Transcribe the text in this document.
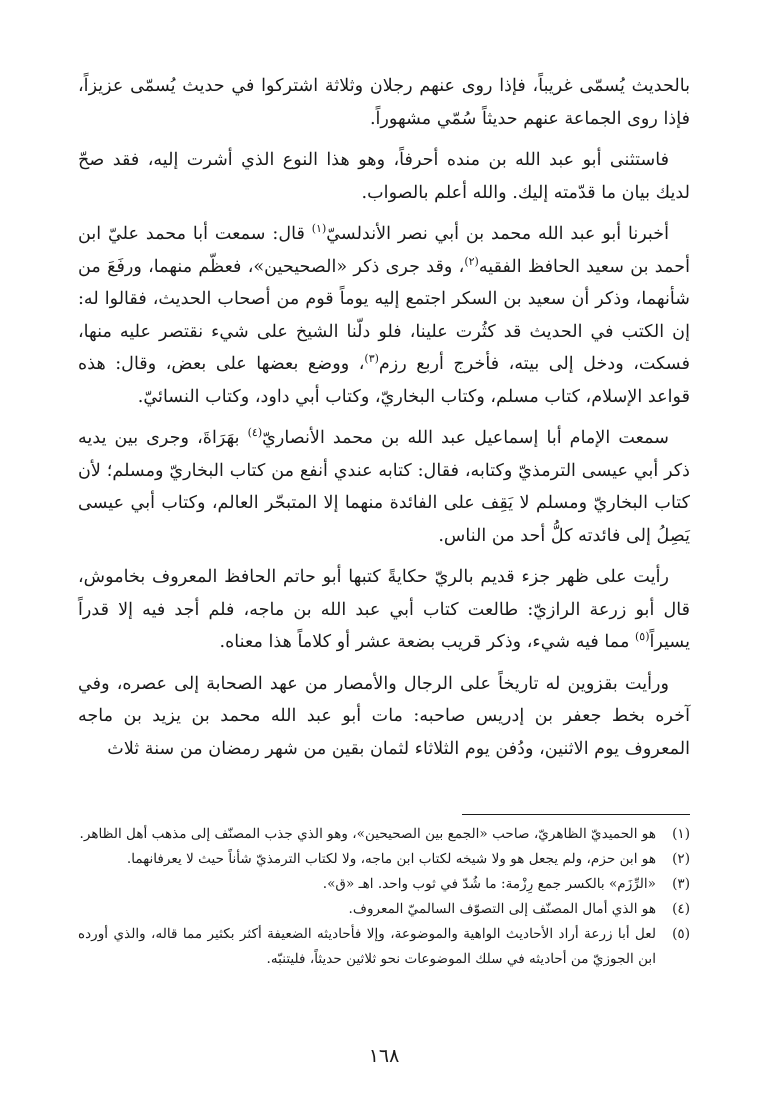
بالحديث يُسمّى غريباً، فإذا روى عنهم رجلان وثلاثة اشتركوا في حديث يُسمّى عزيزاً، فإذا روى الجماعة عنهم حديثاً سُمّي مشهوراً.

فاستثنى أبو عبد الله بن منده أحرفاً، وهو هذا النوع الذي أشرت إليه، فقد صحّ لديك بيان ما قدّمته إليك. والله أعلم بالصواب.

أخبرنا أبو عبد الله محمد بن أبي نصر الأندلسيّ$^{(١)}$ قال: سمعت أبا محمد عليّ ابن أحمد بن سعيد الحافظ الفقيه$^{(٢)}$، وقد جرى ذكر «الصحيحين»، فعظّم منهما، ورفَعَ من شأنهما، وذكر أن سعيد بن السكر اجتمع إليه يوماً قوم من أصحاب الحديث، فقالوا له: إن الكتب في الحديث قد كثُرت علينا، فلو دلّنا الشيخ على شيء نقتصر عليه منها، فسكت، ودخل إلى بيته، فأخرج أربع رزم$^{(٣)}$، ووضع بعضها على بعض، وقال: هذه قواعد الإسلام، كتاب مسلم، وكتاب البخاريّ، وكتاب أبي داود، وكتاب النسائيّ.

سمعت الإمام أبا إسماعيل عبد الله بن محمد الأنصاريّ$^{(٤)}$ بهَرَاةَ، وجرى بين يديه ذكر أبي عيسى الترمذيّ وكتابه، فقال: كتابه عندي أنفع من كتاب البخاريّ ومسلم؛ لأن كتاب البخاريّ ومسلم لا يَقِف على الفائدة منهما إلا المتبحّر العالم، وكتاب أبي عيسى يَصِلُ إلى فائدته كلُّ أحد من الناس.

رأيت على ظهر جزء قديم بالريّ حكايةً كتبها أبو حاتم الحافظ المعروف بخاموش، قال أبو زرعة الرازيّ: طالعت كتاب أبي عبد الله بن ماجه، فلم أجد فيه إلا قدراً يسيراً$^{(٥)}$ مما فيه شيء، وذكر قريب بضعة عشر أو كلاماً هذا معناه.

ورأيت بقزوين له تاريخاً على الرجال والأمصار من عهد الصحابة إلى عصره، وفي آخره بخط جعفر بن إدريس صاحبه: مات أبو عبد الله محمد بن يزيد بن ماجه المعروف يوم الاثنين، ودُفن يوم الثلاثاء لثمان بقين من شهر رمضان من سنة ثلاث

(١)
هو الحميديّ الظاهريّ، صاحب «الجمع بين الصحيحين»، وهو الذي جذب المصنّف إلى مذهب أهل الظاهر.
(٢)
هو ابن حزم، ولم يجعل هو ولا شيخه لكتاب ابن ماجه، ولا لكتاب الترمذيّ شأناً حيث لا يعرفانهما.
(٣)
«الرِّزَم» بالكسر جمع رِزْمة: ما شُدّ في ثوب واحد. اهـ «ق».
(٤)
هو الذي أمال المصنّف إلى التصوّف السالميّ المعروف.
(٥)
لعل أبا زرعة أراد الأحاديث الواهية والموضوعة، وإلا فأحاديثه الضعيفة أكثر بكثير مما قاله، والذي أورده ابن الجوزيّ من أحاديثه في سلك الموضوعات نحو ثلاثين حديثاً، فليتنبّه.
١٦٨
